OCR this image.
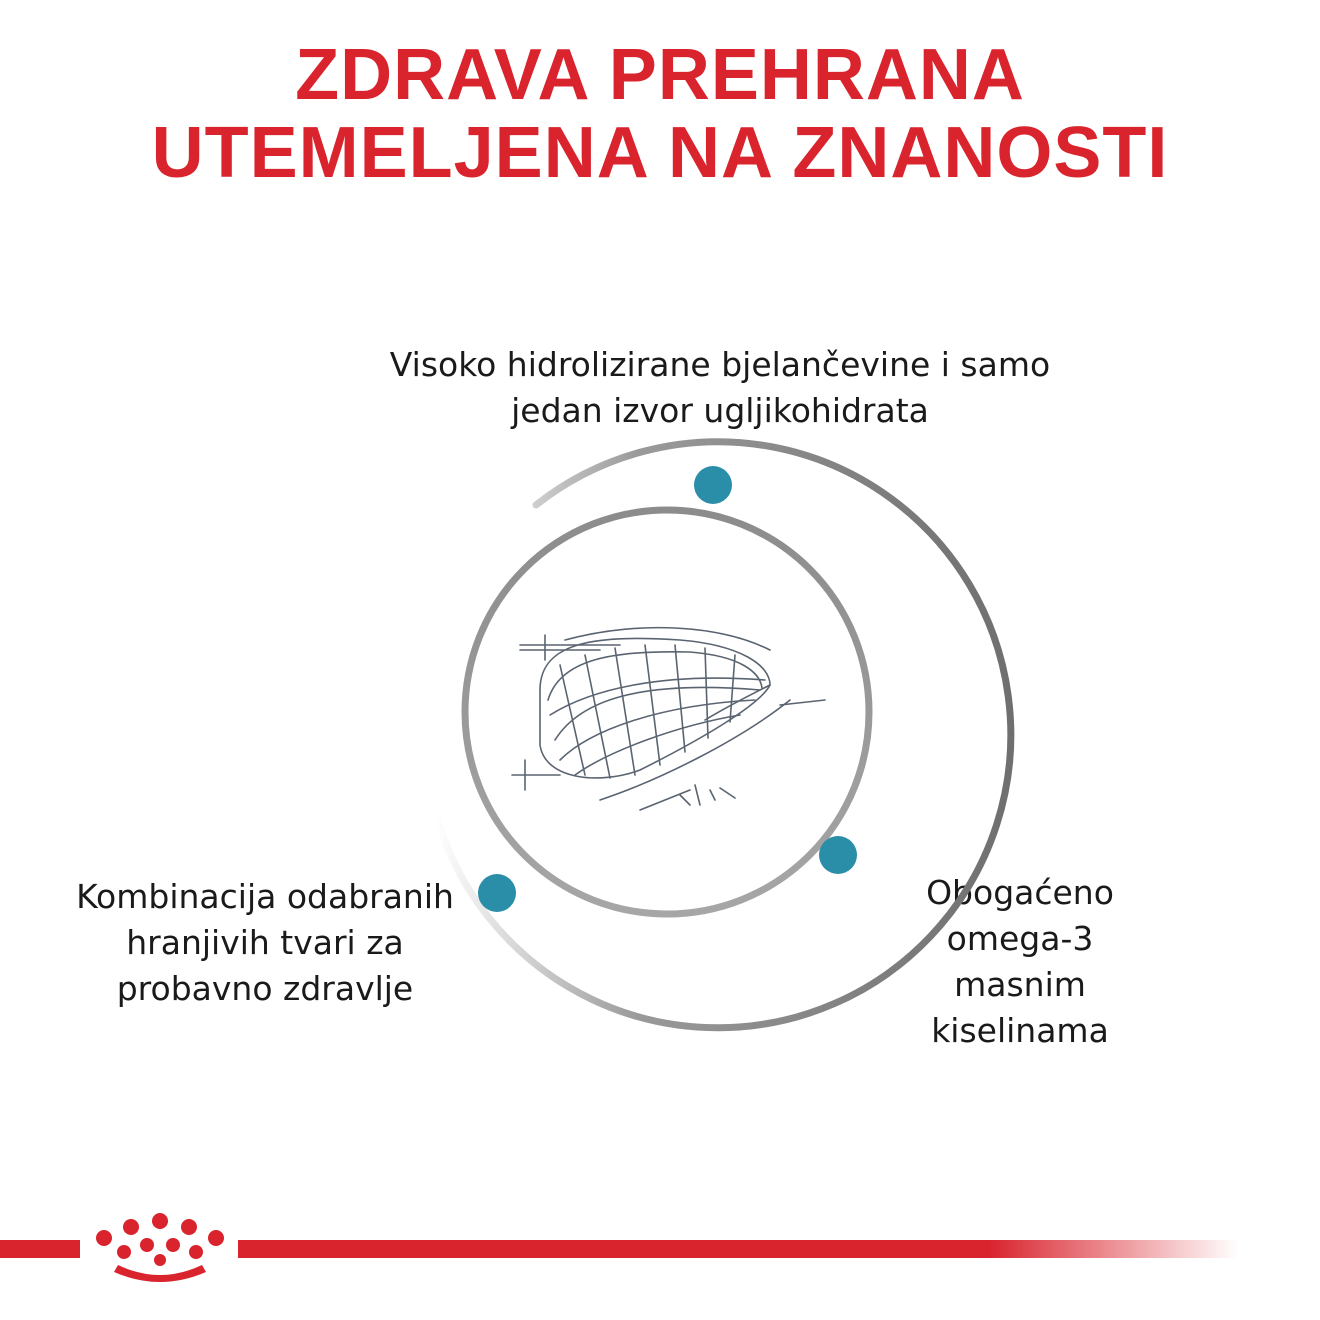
ZDRAVA PREHRANA
UTEMELJENA NA ZNANOSTI

Visoko hidrolizirane bjelančevine i samo
jedan izvor ugljikohidrata

Kombinacija odabranih
hranjivih tvari za
probavno zdravlje

Obogaćeno
omega-3
masnim
kiselinama
